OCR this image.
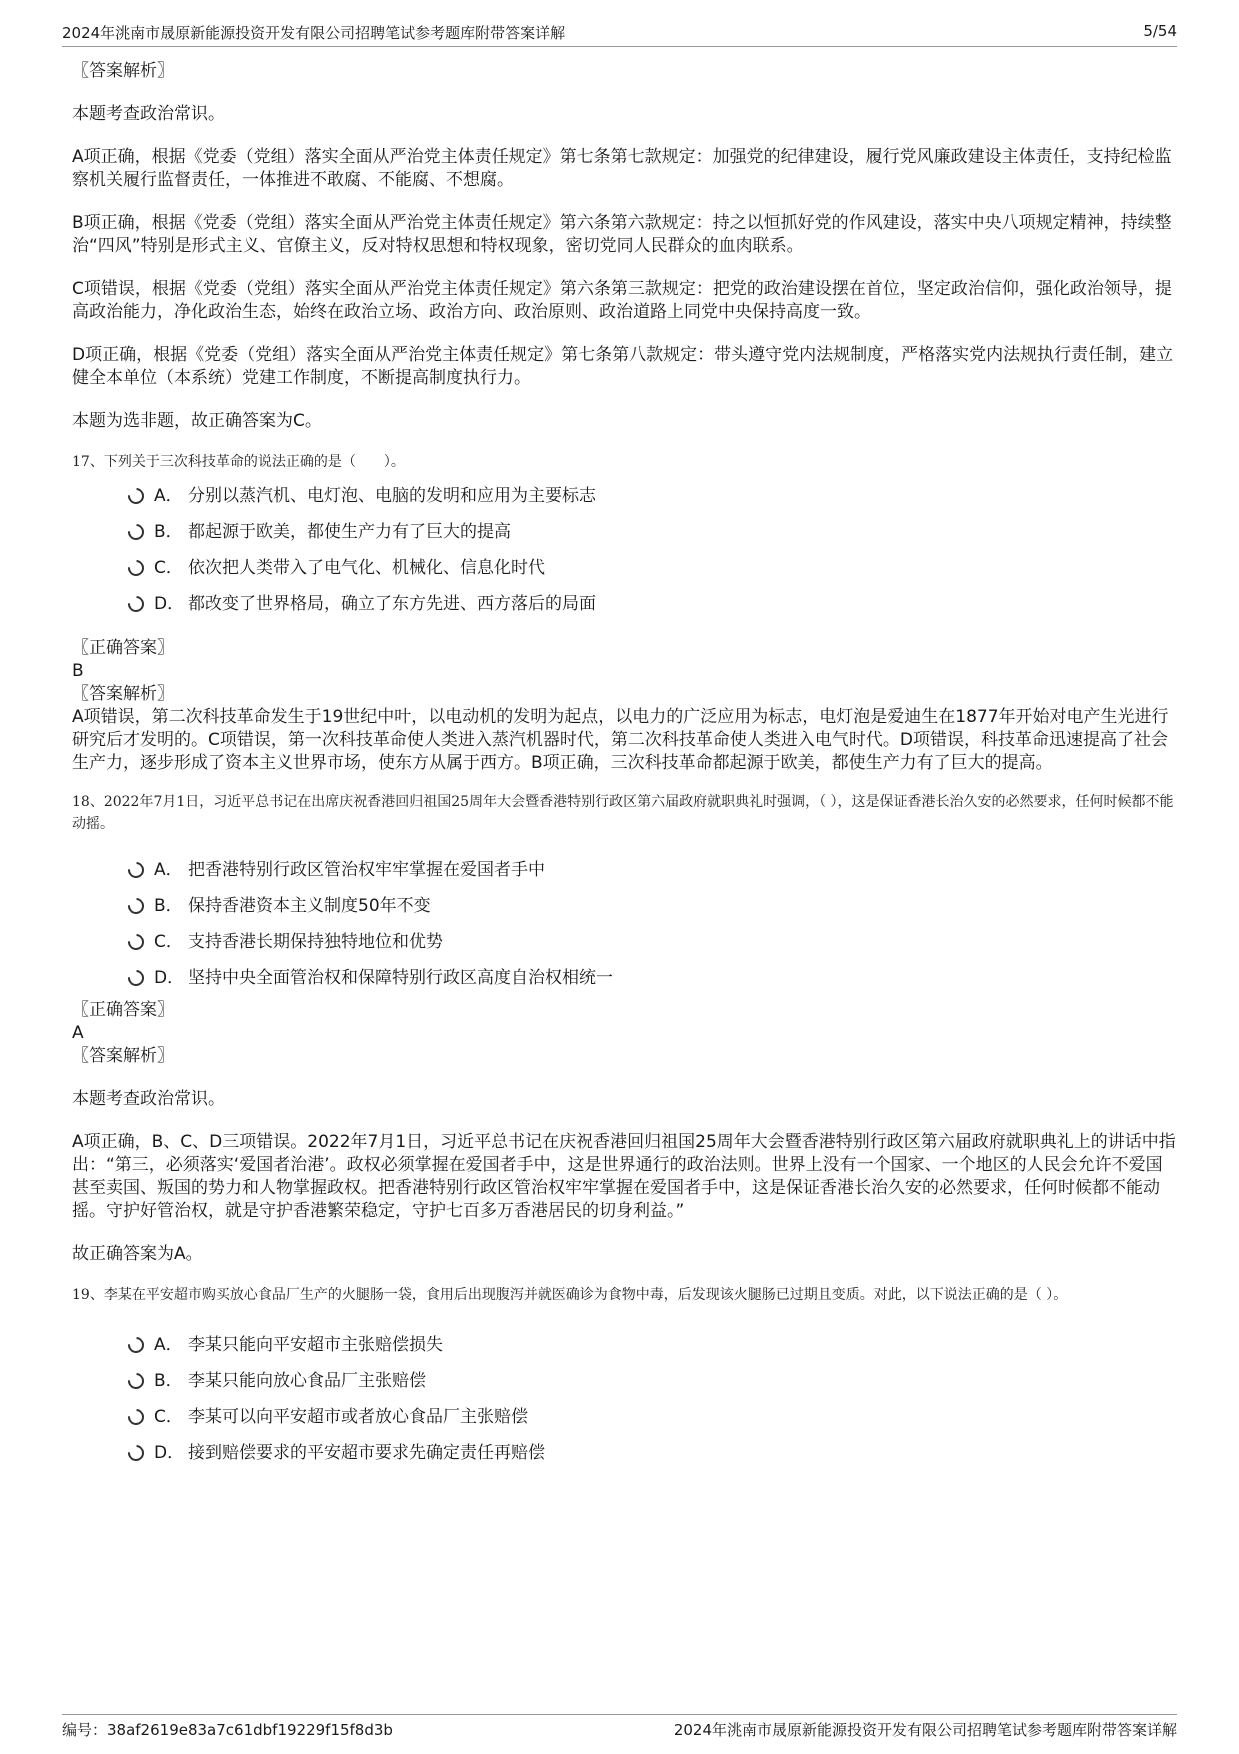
2024年洮南市晟原新能源投资开发有限公司招聘笔试参考题库附带答案详解	5/54

〖答案解析〗

本题考查政治常识。

A项正确，根据《党委（党组）落实全面从严治党主体责任规定》第七条第七款规定：加强党的纪律建设，履行党风廉政建设主体责任，支持纪检监察机关履行监督责任，一体推进不敢腐、不能腐、不想腐。

B项正确，根据《党委（党组）落实全面从严治党主体责任规定》第六条第六款规定：持之以恒抓好党的作风建设，落实中央八项规定精神，持续整治“四风”特别是形式主义、官僚主义，反对特权思想和特权现象，密切党同人民群众的血肉联系。

C项错误，根据《党委（党组）落实全面从严治党主体责任规定》第六条第三款规定：把党的政治建设摆在首位，坚定政治信仰，强化政治领导，提高政治能力，净化政治生态，始终在政治立场、政治方向、政治原则、政治道路上同党中央保持高度一致。

D项正确，根据《党委（党组）落实全面从严治党主体责任规定》第七条第八款规定：带头遵守党内法规制度，严格落实党内法规执行责任制，建立健全本单位（本系统）党建工作制度，不断提高制度执行力。

本题为选非题，故正确答案为C。

17、下列关于三次科技革命的说法正确的是（　　）。

A． 分别以蒸汽机、电灯泡、电脑的发明和应用为主要标志
B． 都起源于欧美，都使生产力有了巨大的提高
C． 依次把人类带入了电气化、机械化、信息化时代
D． 都改变了世界格局，确立了东方先进、西方落后的局面

〖正确答案〗

B

〖答案解析〗

A项错误，第二次科技革命发生于19世纪中叶，以电动机的发明为起点，以电力的广泛应用为标志，电灯泡是爱迪生在1877年开始对电产生光进行研究后才发明的。C项错误，第一次科技革命使人类进入蒸汽机器时代，第二次科技革命使人类进入电气时代。D项错误，科技革命迅速提高了社会生产力，逐步形成了资本主义世界市场，使东方从属于西方。B项正确，三次科技革命都起源于欧美，都使生产力有了巨大的提高。

18、2022年7月1日，习近平总书记在出席庆祝香港回归祖国25周年大会暨香港特别行政区第六届政府就职典礼时强调，（ ），这是保证香港长治久安的必然要求，任何时候都不能动摇。

A． 把香港特别行政区管治权牢牢掌握在爱国者手中
B． 保持香港资本主义制度50年不变
C． 支持香港长期保持独特地位和优势
D． 坚持中央全面管治权和保障特别行政区高度自治权相统一

〖正确答案〗

A

〖答案解析〗

本题考查政治常识。

A项正确，B、C、D三项错误。2022年7月1日，习近平总书记在庆祝香港回归祖国25周年大会暨香港特别行政区第六届政府就职典礼上的讲话中指出：“第三，必须落实‘爱国者治港’。政权必须掌握在爱国者手中，这是世界通行的政治法则。世界上没有一个国家、一个地区的人民会允许不爱国甚至卖国、叛国的势力和人物掌握政权。把香港特别行政区管治权牢牢掌握在爱国者手中，这是保证香港长治久安的必然要求，任何时候都不能动摇。守护好管治权，就是守护香港繁荣稳定，守护七百多万香港居民的切身利益。”

故正确答案为A。

19、李某在平安超市购买放心食品厂生产的火腿肠一袋，食用后出现腹泻并就医确诊为食物中毒，后发现该火腿肠已过期且变质。对此，以下说法正确的是（ ）。

A． 李某只能向平安超市主张赔偿损失
B． 李某只能向放心食品厂主张赔偿
C． 李某可以向平安超市或者放心食品厂主张赔偿
D． 接到赔偿要求的平安超市要求先确定责任再赔偿
编号：38af2619e83a7c61dbf19229f15f8d3b	2024年洮南市晟原新能源投资开发有限公司招聘笔试参考题库附带答案详解
